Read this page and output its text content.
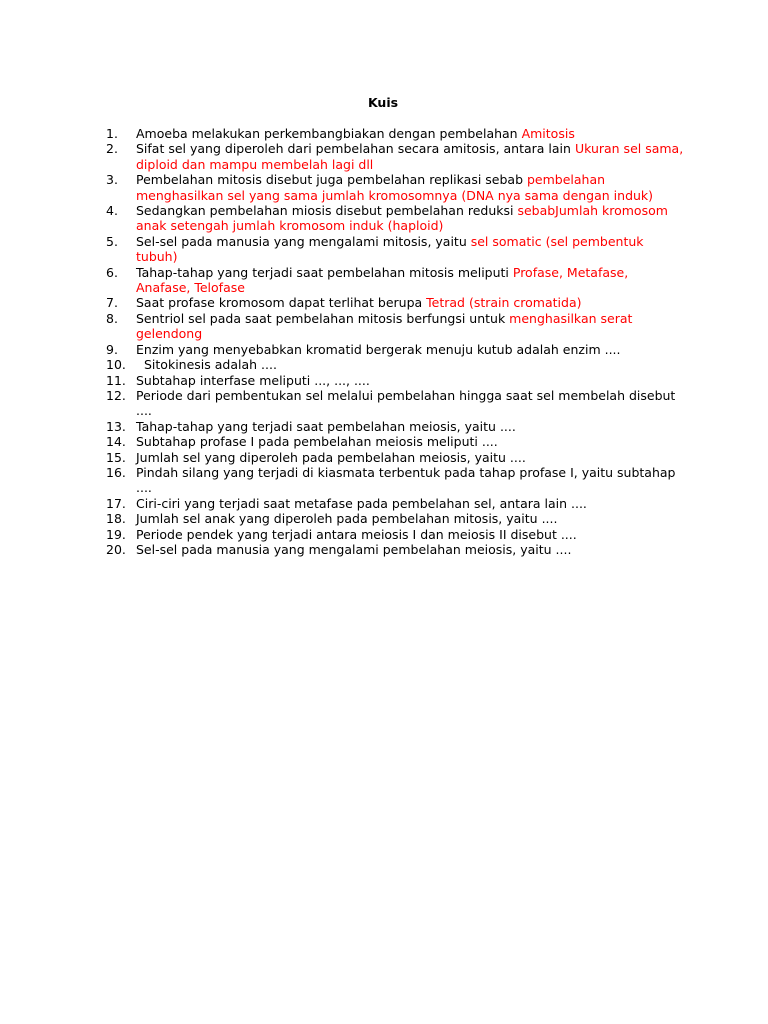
Kuis
1. Amoeba melakukan perkembangbiakan dengan pembelahan Amitosis
2. Sifat sel yang diperoleh dari pembelahan secara amitosis, antara lain Ukuran sel sama, diploid dan mampu membelah lagi dll
3. Pembelahan mitosis disebut juga pembelahan replikasi sebab pembelahan menghasilkan sel yang sama jumlah kromosomnya (DNA nya sama dengan induk)
4. Sedangkan pembelahan miosis disebut pembelahan reduksi sebabJumlah kromosom anak setengah jumlah kromosom induk (haploid)
5. Sel-sel pada manusia yang mengalami mitosis, yaitu sel somatic (sel pembentuk tubuh)
6. Tahap-tahap yang terjadi saat pembelahan mitosis meliputi Profase, Metafase, Anafase, Telofase
7. Saat profase kromosom dapat terlihat berupa Tetrad (strain cromatida)
8. Sentriol sel pada saat pembelahan mitosis berfungsi untuk menghasilkan serat gelendong
9. Enzim yang menyebabkan kromatid bergerak menuju kutub adalah enzim ....
10. Sitokinesis adalah ....
11. Subtahap interfase meliputi ..., ..., ....
12. Periode dari pembentukan sel melalui pembelahan hingga saat sel membelah disebut ....
13. Tahap-tahap yang terjadi saat pembelahan meiosis, yaitu ....
14. Subtahap profase I pada pembelahan meiosis meliputi ....
15. Jumlah sel yang diperoleh pada pembelahan meiosis, yaitu ....
16. Pindah silang yang terjadi di kiasmata terbentuk pada tahap profase I, yaitu subtahap ....
17. Ciri-ciri yang terjadi saat metafase pada pembelahan sel, antara lain ....
18. Jumlah sel anak yang diperoleh pada pembelahan mitosis, yaitu ....
19. Periode pendek yang terjadi antara meiosis I dan meiosis II disebut ....
20. Sel-sel pada manusia yang mengalami pembelahan meiosis, yaitu ....
